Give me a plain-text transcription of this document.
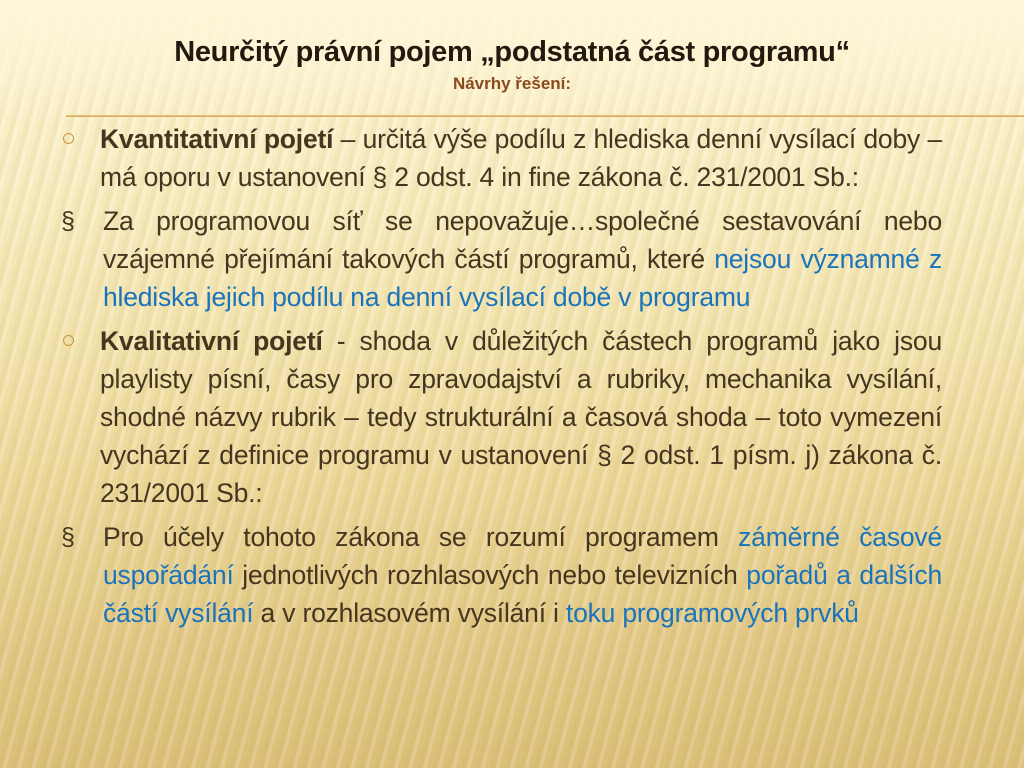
Neurčitý právní pojem „podstatná část programu“
Návrhy řešení:
Kvantitativní pojetí – určitá výše podílu z hlediska denní vysílací doby – má oporu v ustanovení § 2 odst. 4 in fine zákona č. 231/2001 Sb.:
§	Za programovou síť se nepovažuje…společné sestavování nebo vzájemné přejímání takových částí programů, které nejsou významné z hlediska jejich podílu na denní vysílací době v programu
Kvalitativní pojetí - shoda v důležitých částech programů jako jsou playlisty písní, časy pro zpravodajství a rubriky, mechanika vysílání, shodné názvy rubrik – tedy strukturální a časová shoda – toto vymezení vychází z definice programu v ustanovení § 2 odst. 1 písm. j) zákona č. 231/2001 Sb.:
§	Pro účely tohoto zákona se rozumí programem záměrné časové uspořádání jednotlivých rozhlasových nebo televizních pořadů a dalších částí vysílání a v rozhlasovém vysílání i toku programových prvků
